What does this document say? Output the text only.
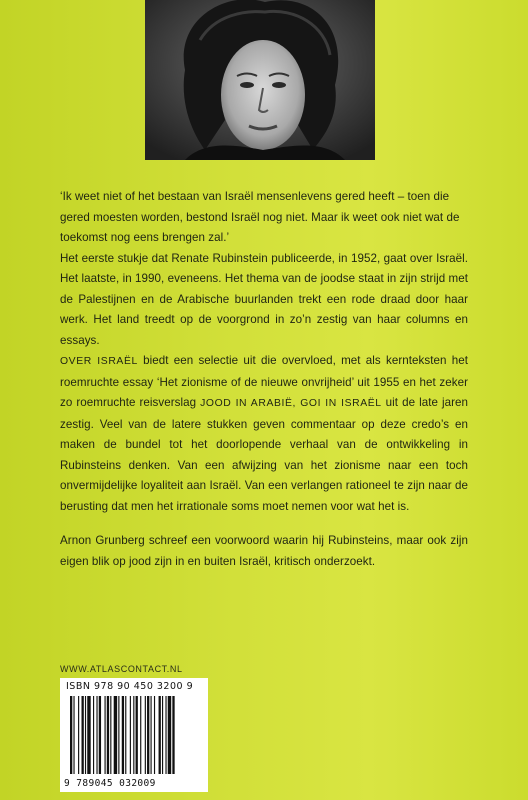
‘Ik weet niet of het bestaan van Israël mensenlevens gered heeft – toen die gered moesten worden, bestond Israël nog niet. Maar ik weet ook niet wat de toekomst nog eens brengen zal.’

Het eerste stukje dat Renate Rubinstein publiceerde, in 1952, gaat over Israël. Het laatste, in 1990, eveneens. Het thema van de joodse staat in zijn strijd met de Palestijnen en de Arabische buurlanden trekt een rode draad door haar werk. Het land treedt op de voorgrond in zo’n zestig van haar columns en essays.

OVER ISRAËL biedt een selectie uit die overvloed, met als kernteksten het roemruchte essay ‘Het zionisme of de nieuwe onvrijheid’ uit 1955 en het zeker zo roemruchte reisverslag JOOD IN ARABIË, GOI IN ISRAËL uit de late jaren zestig. Veel van de latere stukken geven commentaar op deze credo’s en maken de bundel tot het doorlopende verhaal van de ontwikkeling in Rubinsteins denken. Van een afwijzing van het zionisme naar een toch onvermijdelijke loyaliteit aan Israël. Van een verlangen rationeel te zijn naar de berusting dat men het irrationale soms moet nemen voor wat het is.

Arnon Grunberg schreef een voorwoord waarin hij Rubinsteins, maar ook zijn eigen blik op jood zijn in en buiten Israël, kritisch onderzoekt.

WWW.ATLASCONTACT.NL
ISBN 978 90 450 3200 9
9 789045 032009
